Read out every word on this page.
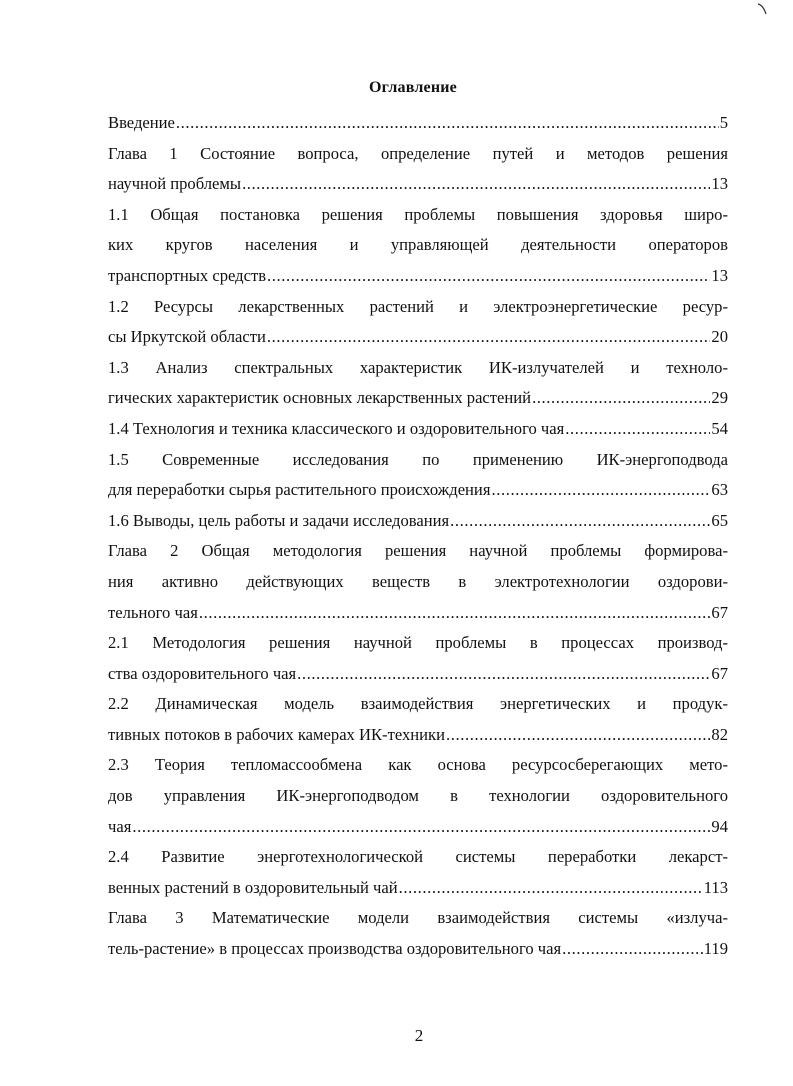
Оглавление
Введение .....	5
Глава 1 Состояние вопроса, определение путей и методов решения
научной проблемы .....	13
1.1 Общая постановка решения проблемы повышения здоровья широ-
ких кругов населения и управляющей деятельности операторов
транспортных средств .....	13
1.2 Ресурсы лекарственных растений и электроэнергетические ресур-
сы Иркутской области .....	20
1.3 Анализ спектральных характеристик ИК-излучателей и техноло-
гических характеристик основных лекарственных растений .....	29
1.4 Технология и техника классического и оздоровительного чая .....	54
1.5 Современные исследования по применению ИК-энергоподвода
для переработки сырья растительного происхождения .....	63
1.6 Выводы, цель работы и задачи исследования .....	65
Глава 2 Общая методология решения научной проблемы формирова-
ния активно действующих веществ в электротехнологии оздорови-
тельного чая .....	67
2.1 Методология решения научной проблемы в процессах производ-
ства оздоровительного чая .....	67
2.2 Динамическая модель взаимодействия энергетических и продук-
тивных потоков в рабочих камерах ИК-техники .....	82
2.3 Теория тепломассообмена как основа ресурсосберегающих мето-
дов управления ИК-энергоподводом в технологии оздоровительного
чая .....	94
2.4 Развитие энерготехнологической системы переработки лекарст-
венных растений в оздоровительный чай .....	113
Глава 3 Математические модели взаимодействия системы «излуча-
тель-растение» в процессах производства оздоровительного чая .....	119
2
